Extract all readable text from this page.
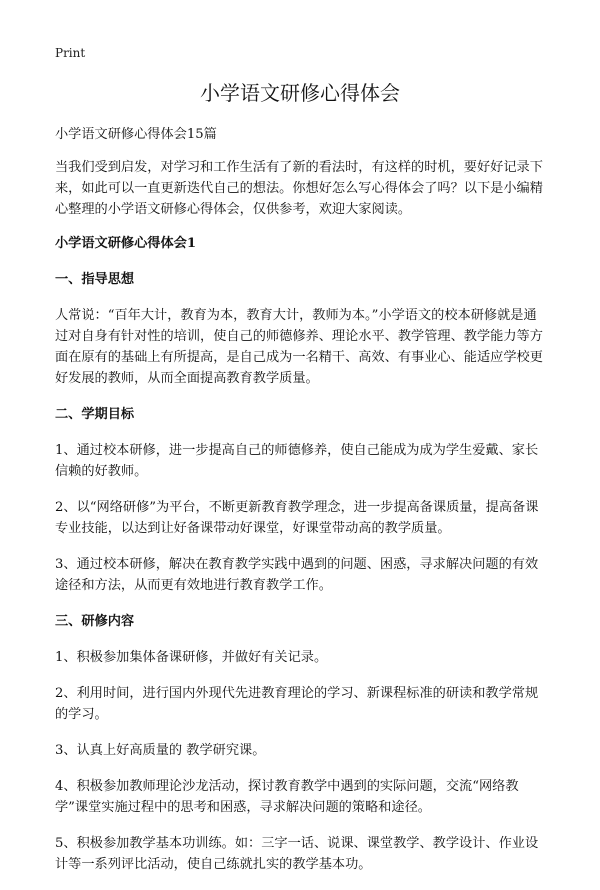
Print
小学语文研修心得体会

小学语文研修心得体会15篇

当我们受到启发，对学习和工作生活有了新的看法时，有这样的时机，要好好记录下来，如此可以一直更新迭代自己的想法。你想好怎么写心得体会了吗？以下是小编精心整理的小学语文研修心得体会，仅供参考，欢迎大家阅读。

小学语文研修心得体会1

一、指导思想

人常说：“百年大计，教育为本，教育大计，教师为本。”小学语文的校本研修就是通过对自身有针对性的培训，使自己的师德修养、理论水平、教学管理、教学能力等方面在原有的基础上有所提高，是自己成为一名精干、高效、有事业心、能适应学校更好发展的教师，从而全面提高教育教学质量。

二、学期目标

1、通过校本研修，进一步提高自己的师德修养，使自己能成为成为学生爱戴、家长信赖的好教师。

2、以“网络研修”为平台，不断更新教育教学理念，进一步提高备课质量，提高备课专业技能，以达到让好备课带动好课堂，好课堂带动高的教学质量。

3、通过校本研修，解决在教育教学实践中遇到的问题、困惑，寻求解决问题的有效途径和方法，从而更有效地进行教育教学工作。

三、研修内容

1、积极参加集体备课研修，并做好有关记录。

2、利用时间，进行国内外现代先进教育理论的学习、新课程标准的研读和教学常规的学习。

3、认真上好高质量的 教学研究课。

4、积极参加教师理论沙龙活动，探讨教育教学中遇到的实际问题，交流“网络教学”课堂实施过程中的思考和困惑，寻求解决问题的策略和途径。

5、积极参加教学基本功训练。如：三字一话、说课、课堂教学、教学设计、作业设计等一系列评比活动，使自己练就扎实的教学基本功。
